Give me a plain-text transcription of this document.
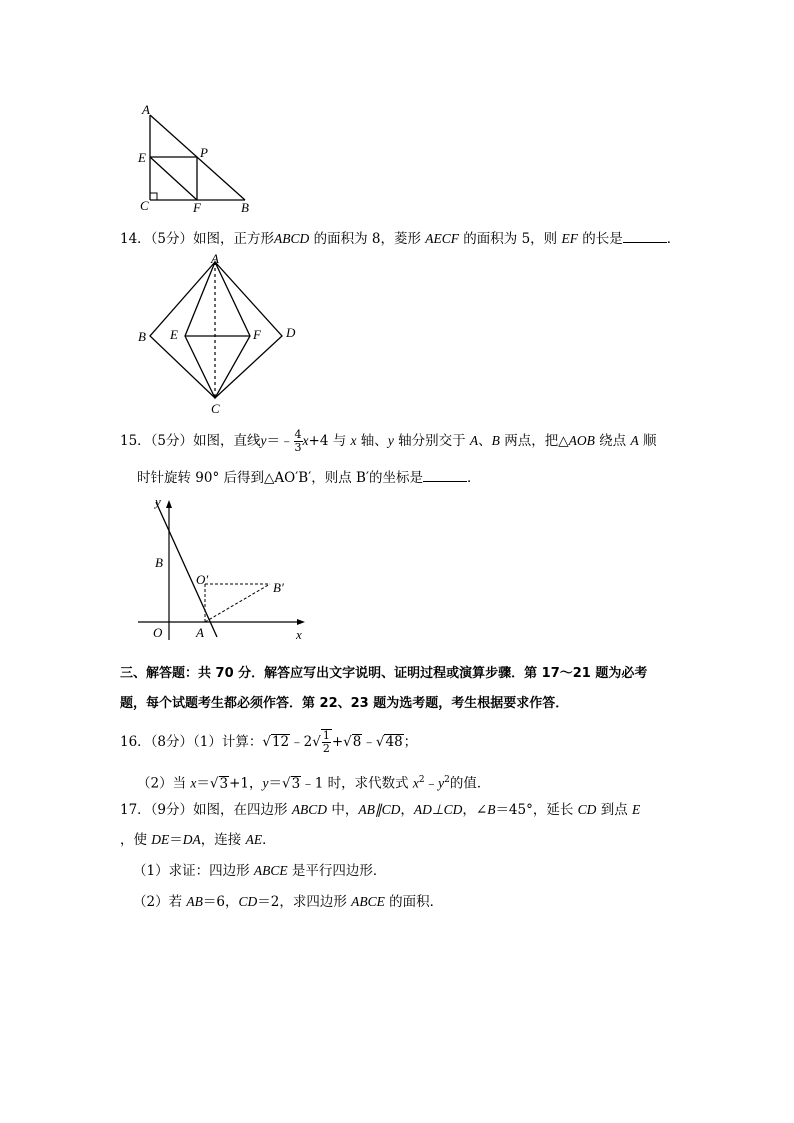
A
E	P
C	F	B
14．（5分）如图，正方形ABCD 的面积为 8，菱形 AECF 的面积为 5，则 EF 的长是	．
A
B E	F D
C
15．（5分）如图，直线y＝﹣ $\frac{4}{3} x+4$ 与 x 轴、y 轴分别交于 A、B 两点，把△AOB 绕点 A 顺
时针旋转 90° 后得到△AO′B′，则点 B′的坐标是	．
y
B
O′
B′
O	A	x
三、解答题：共 70 分．解答应写出文字说明、证明过程或演算步骤．第 17～21 题为必考
题，每个试题考生都必须作答．第 22、23 题为选考题，考生根据要求作答．
16．（8分）（1）计算：√12﹣2√ $\frac{1}{2}$ +√8﹣√48；
（2）当 x＝√3+1，y＝√3﹣1 时，求代数式 $x^2﹣y^2$的值．
17．（9分）如图，在四边形 ABCD 中，AB∥CD，AD⊥CD，∠B＝45°，延长 CD 到点 E
，使 DE＝DA，连接 AE．
（1）求证：四边形 ABCE 是平行四边形．
（2）若 AB＝6，CD＝2，求四边形 ABCE 的面积．
